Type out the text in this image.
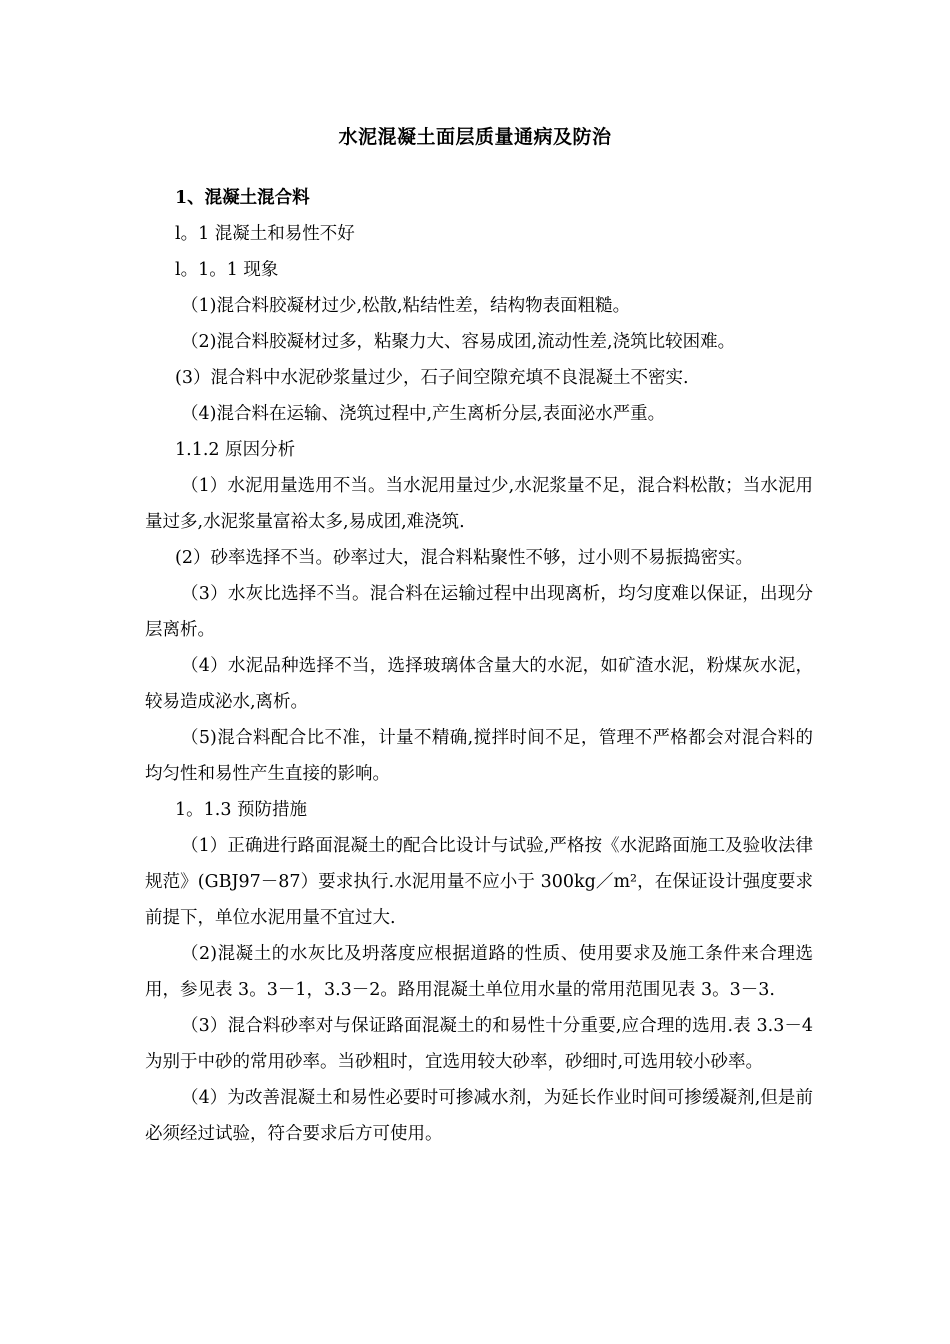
水泥混凝土面层质量通病及防治

1、混凝土混合料

l。1 混凝土和易性不好

l。1。1 现象

（1)混合料胶凝材过少,松散,粘结性差，结构物表面粗糙。

（2)混合料胶凝材过多，粘聚力大、容易成团,流动性差,浇筑比较困难。

(3）混合料中水泥砂浆量过少，石子间空隙充填不良混凝土不密实.

（4)混合料在运输、浇筑过程中,产生离析分层,表面泌水严重。

1.1.2 原因分析

（1）水泥用量选用不当。当水泥用量过少,水泥浆量不足，混合料松散；当水泥用量过多,水泥浆量富裕太多,易成团,难浇筑.

(2）砂率选择不当。砂率过大，混合料粘聚性不够，过小则不易振捣密实。

（3）水灰比选择不当。混合料在运输过程中出现离析，均匀度难以保证，出现分层离析。

（4）水泥品种选择不当，选择玻璃体含量大的水泥，如矿渣水泥，粉煤灰水泥，较易造成泌水,离析。

（5)混合料配合比不准，计量不精确,搅拌时间不足，管理不严格都会对混合料的均匀性和易性产生直接的影响。

1。1.3 预防措施

（1）正确进行路面混凝土的配合比设计与试验,严格按《水泥路面施工及验收法律规范》(GBJ97－87）要求执行.水泥用量不应小于 300kg／m²，在保证设计强度要求前提下，单位水泥用量不宜过大.

（2)混凝土的水灰比及坍落度应根据道路的性质、使用要求及施工条件来合理选用，参见表 3。3－1，3.3－2。路用混凝土单位用水量的常用范围见表 3。3－3.

（3）混合料砂率对与保证路面混凝土的和易性十分重要,应合理的选用.表 3.3－4 为别于中砂的常用砂率。当砂粗时，宜选用较大砂率，砂细时,可选用较小砂率。

（4）为改善混凝土和易性必要时可掺减水剂，为延长作业时间可掺缓凝剂,但是前必须经过试验，符合要求后方可使用。
